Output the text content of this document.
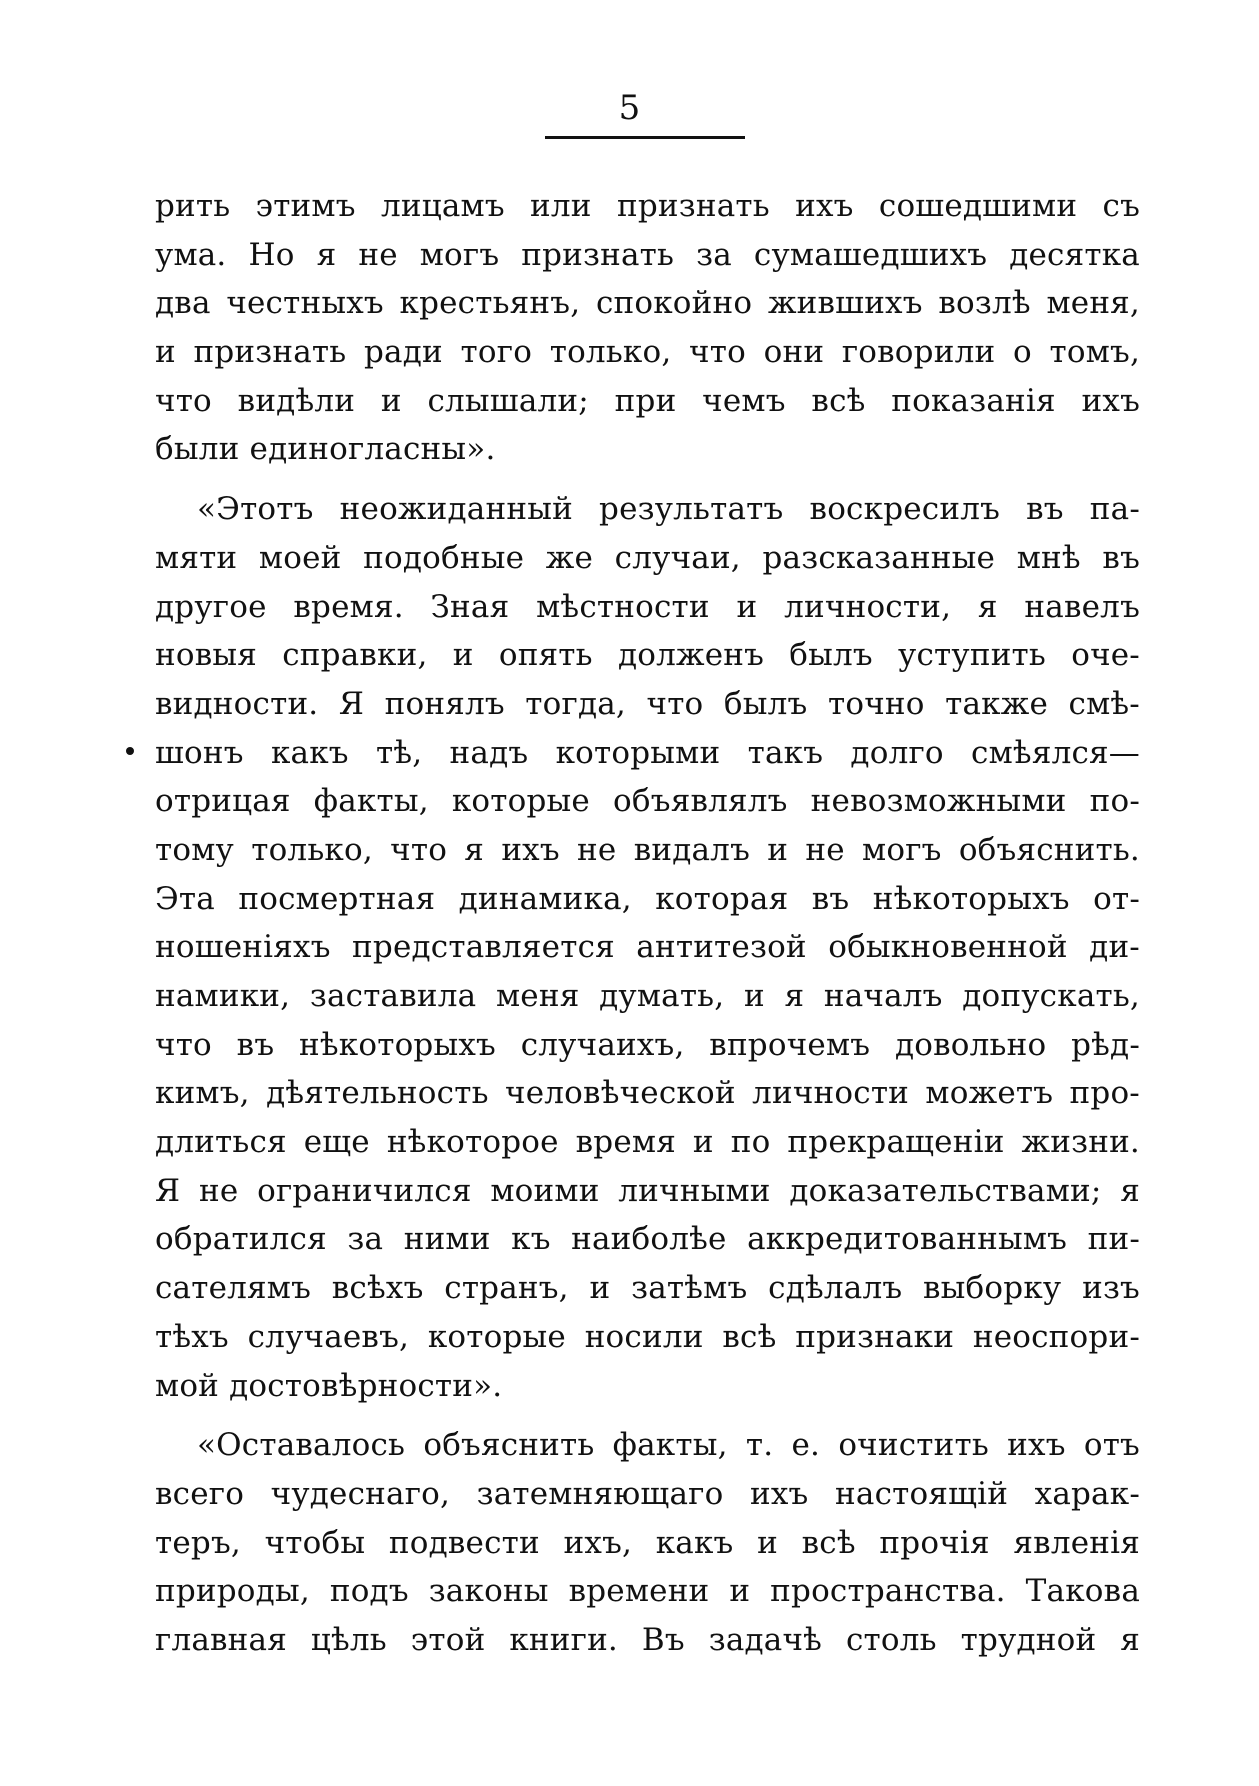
5
рить этимъ лицамъ или признать ихъ сошедшими съ
ума. Но я не могъ признать за сумашедшихъ десятка
два честныхъ крестьянъ, спокойно жившихъ возлѣ меня,
и признать ради того только, что они говорили о томъ,
что видѣли и слышали; при чемъ всѣ показанія ихъ
были единогласны».
«Этотъ неожиданный результатъ воскресилъ въ па-
мяти моей подобные же случаи, разсказанные мнѣ въ
другое время. Зная мѣстности и личности, я навелъ
новыя справки, и опять долженъ былъ уступить оче-
видности. Я понялъ тогда, что былъ точно также смѣ-
шонъ какъ тѣ, надъ которыми такъ долго смѣялся—
отрицая факты, которые объявлялъ невозможными по-
тому только, что я ихъ не видалъ и не могъ объяснить.
Эта посмертная динамика, которая въ нѣкоторыхъ от-
ношеніяхъ представляется антитезой обыкновенной ди-
намики, заставила меня думать, и я началъ допускать,
что въ нѣкоторыхъ случаихъ, впрочемъ довольно рѣд-
кимъ, дѣятельность человѣческой личности можетъ про-
длиться еще нѣкоторое время и по прекращеніи жизни.
Я не ограничился моими личными доказательствами; я
обратился за ними къ наиболѣе аккредитованнымъ пи-
сателямъ всѣхъ странъ, и затѣмъ сдѣлалъ выборку изъ
тѣхъ случаевъ, которые носили всѣ признаки неоспори-
мой достовѣрности».
«Оставалось объяснить факты, т. е. очистить ихъ отъ
всего чудеснаго, затемняющаго ихъ настоящій харак-
теръ, чтобы подвести ихъ, какъ и всѣ прочія явленія
природы, подъ законы времени и пространства. Такова
главная цѣль этой книги. Въ задачѣ столь трудной я
